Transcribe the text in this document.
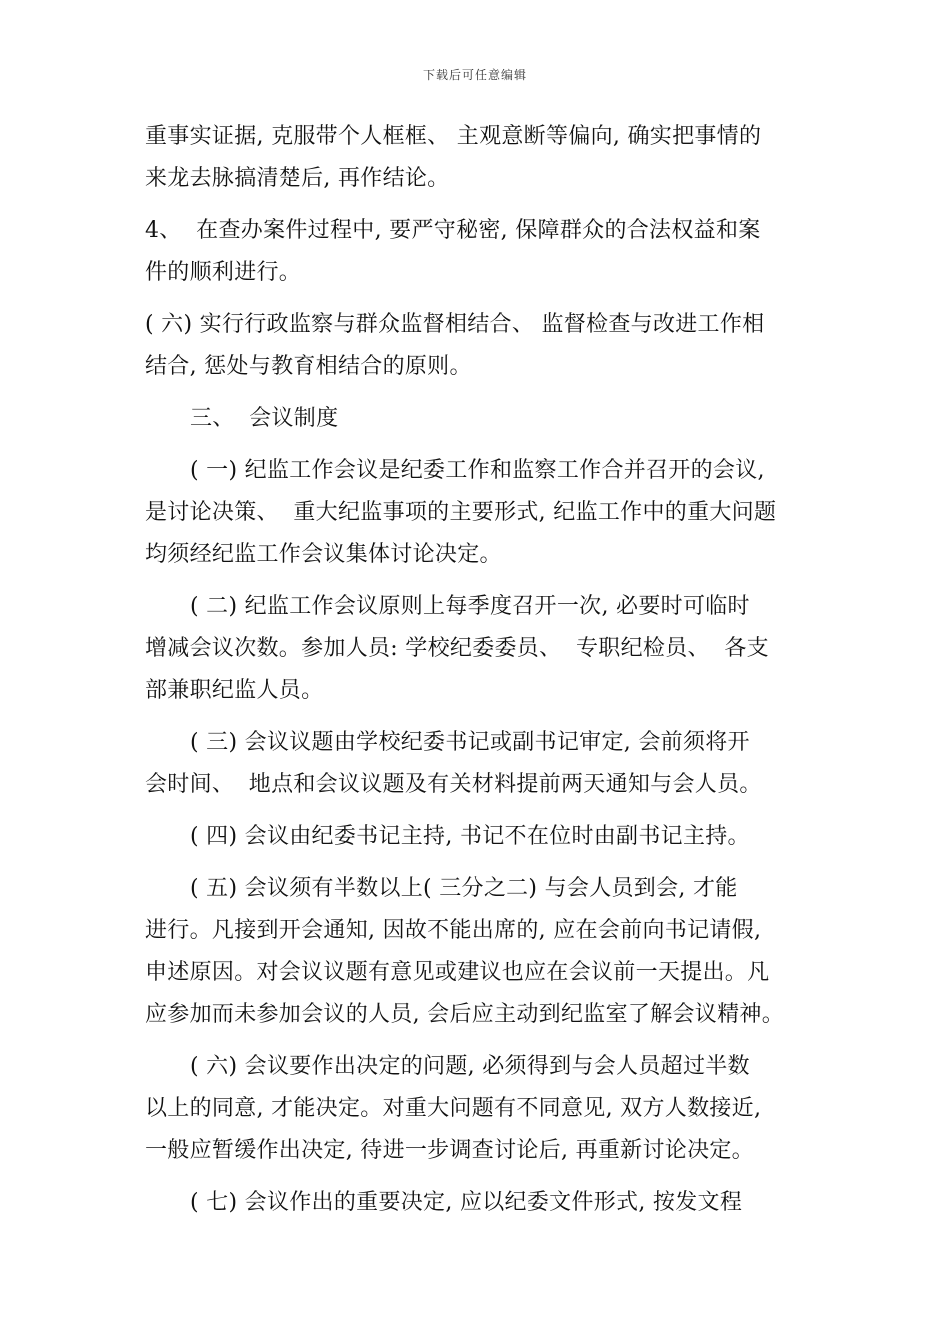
下载后可任意编辑
重事实证据, 克服带个人框框、 主观意断等偏向, 确实把事情的
来龙去脉搞清楚后, 再作结论。
4、  在查办案件过程中, 要严守秘密, 保障群众的合法权益和案
件的顺利进行。
( 六) 实行行政监察与群众监督相结合、 监督检查与改进工作相
结合, 惩处与教育相结合的原则。
三、  会议制度
( 一) 纪监工作会议是纪委工作和监察工作合并召开的会议,
是讨论决策、  重大纪监事项的主要形式, 纪监工作中的重大问题
均须经纪监工作会议集体讨论决定。
( 二) 纪监工作会议原则上每季度召开一次, 必要时可临时
增减会议次数。参加人员: 学校纪委委员、  专职纪检员、  各支
部兼职纪监人员。
( 三) 会议议题由学校纪委书记或副书记审定, 会前须将开
会时间、  地点和会议议题及有关材料提前两天通知与会人员。
( 四) 会议由纪委书记主持, 书记不在位时由副书记主持。
( 五) 会议须有半数以上( 三分之二) 与会人员到会, 才能
进行。凡接到开会通知, 因故不能出席的, 应在会前向书记请假,
申述原因。对会议议题有意见或建议也应在会议前一天提出。凡
应参加而未参加会议的人员, 会后应主动到纪监室了解会议精神。
( 六) 会议要作出决定的问题, 必须得到与会人员超过半数
以上的同意, 才能决定。对重大问题有不同意见, 双方人数接近,
一般应暂缓作出决定, 待进一步调查讨论后, 再重新讨论决定。
( 七) 会议作出的重要决定, 应以纪委文件形式, 按发文程
